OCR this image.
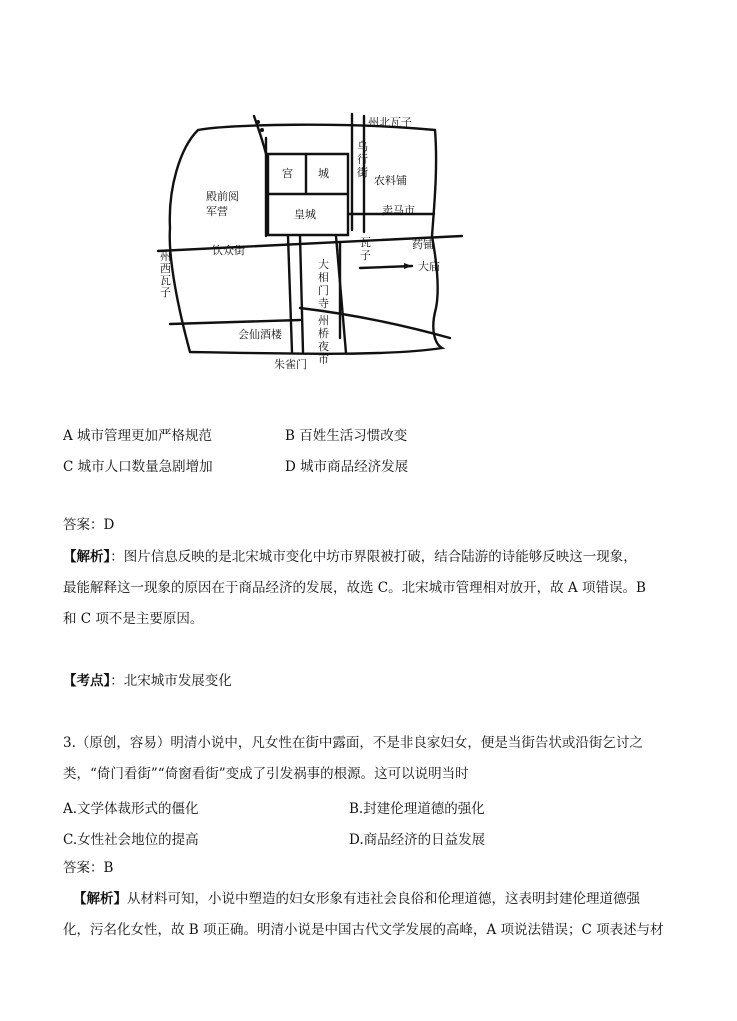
州北瓦子
乌行街
宫 城
农料铺
殿前阅军营	皇城	卖马市
饮众街
瓦子
药铺
州西瓦子
大庙
大相门寺
州桥夜市
会仙酒楼
朱雀门
A 城市管理更加严格规范	B 百姓生活习惯改变
C 城市人口数量急剧增加	D 城市商品经济发展
答案：D
【解析】：图片信息反映的是北宋城市变化中坊市界限被打破，结合陆游的诗能够反映这一现象，
最能解释这一现象的原因在于商品经济的发展，故选 C。北宋城市管理相对放开，故 A 项错误。B
和 C 项不是主要原因。
【考点】：北宋城市发展变化
3.（原创，容易）明清小说中，凡女性在街中露面，不是非良家妇女，便是当街告状或沿街乞讨之
类，“倚门看街”“倚窗看街”变成了引发祸事的根源。这可以说明当时
A.文学体裁形式的僵化	B.封建伦理道德的强化
C.女性社会地位的提高	D.商品经济的日益发展
答案：B
【解析】从材料可知，小说中塑造的妇女形象有违社会良俗和伦理道德，这表明封建伦理道德强
化，污名化女性，故 B 项正确。明清小说是中国古代文学发展的高峰，A 项说法错误；C 项表述与材
